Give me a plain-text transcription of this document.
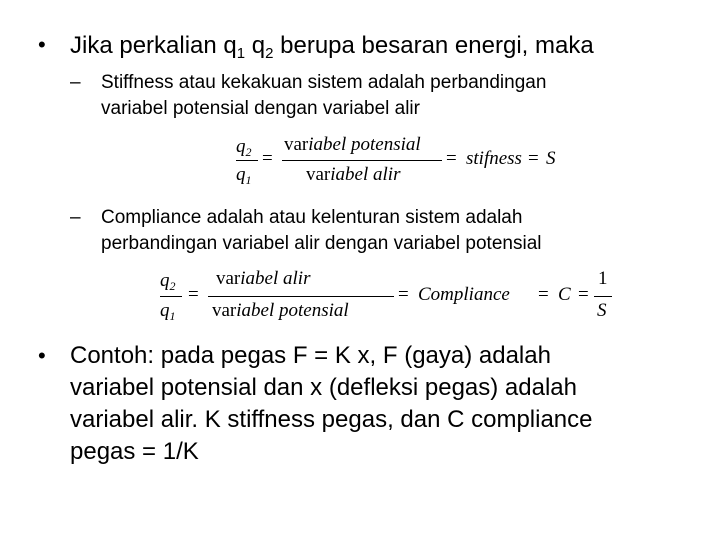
• Jika perkalian $q_1$ $q_2$ berupa besaran energi, maka
– Stiffness atau kekakuan sistem adalah perbandingan
variabel potensial dengan variabel alir
$q_2$
$q_1$
=
variabel potensial
variabel alir
= stifness = S
– Compliance adalah atau kelenturan sistem adalah
perbandingan variabel alir dengan variabel potensial
$q_2$
$q_1$
=
variabel alir
variabel potensial
= Compliance = C =
1
S
• Contoh: pada pegas F = K x, F (gaya) adalah
variabel potensial dan x (defleksi pegas) adalah
variabel alir. K stiffness pegas, dan C compliance
pegas = 1/K
